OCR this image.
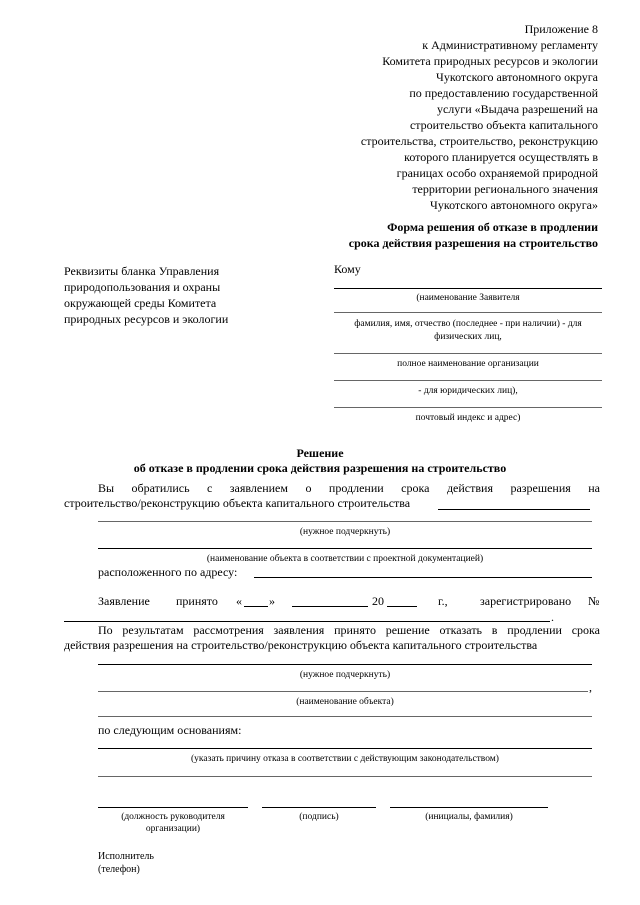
Приложение 8
к Административному регламенту
Комитета природных ресурсов и экологии
Чукотского автономного округа
по предоставлению государственной
услуги «Выдача разрешений на
строительство объекта капитального
строительства, строительство, реконструкцию
которого планируется осуществлять в
границах особо охраняемой природной
территории регионального значения
Чукотского автономного округа»
Форма решения об отказе в продлении
срока действия разрешения на строительство
Реквизиты бланка Управления
природопользования и охраны
окружающей среды Комитета
природных ресурсов и экологии
Кому
(наименование Заявителя
фамилия, имя, отчество (последнее - при наличии) - для
физических лиц,
полное наименование организации
- для юридических лиц),
почтовый индекс и адрес)
Решение
об отказе в продлении срока действия разрешения на строительство
Вы обратились с заявлением о продлении срока действия разрешения на
строительство/реконструкцию объекта капитального строительства
(нужное подчеркнуть)
(наименование объекта в соответствии с проектной документацией)
расположенного по адресу:
Заявление принято « »	20	г.,	зарегистрировано №
.
По результатам рассмотрения заявления принято решение отказать в продлении срока
действия разрешения на строительство/реконструкцию объекта капитального строительства
(нужное подчеркнуть)
,
(наименование объекта)
по следующим основаниям:
(указать причину отказа в соответствии с действующим законодательством)
(должность руководителя
организации)
(подпись)	(инициалы, фамилия)
Исполнитель
(телефон)
